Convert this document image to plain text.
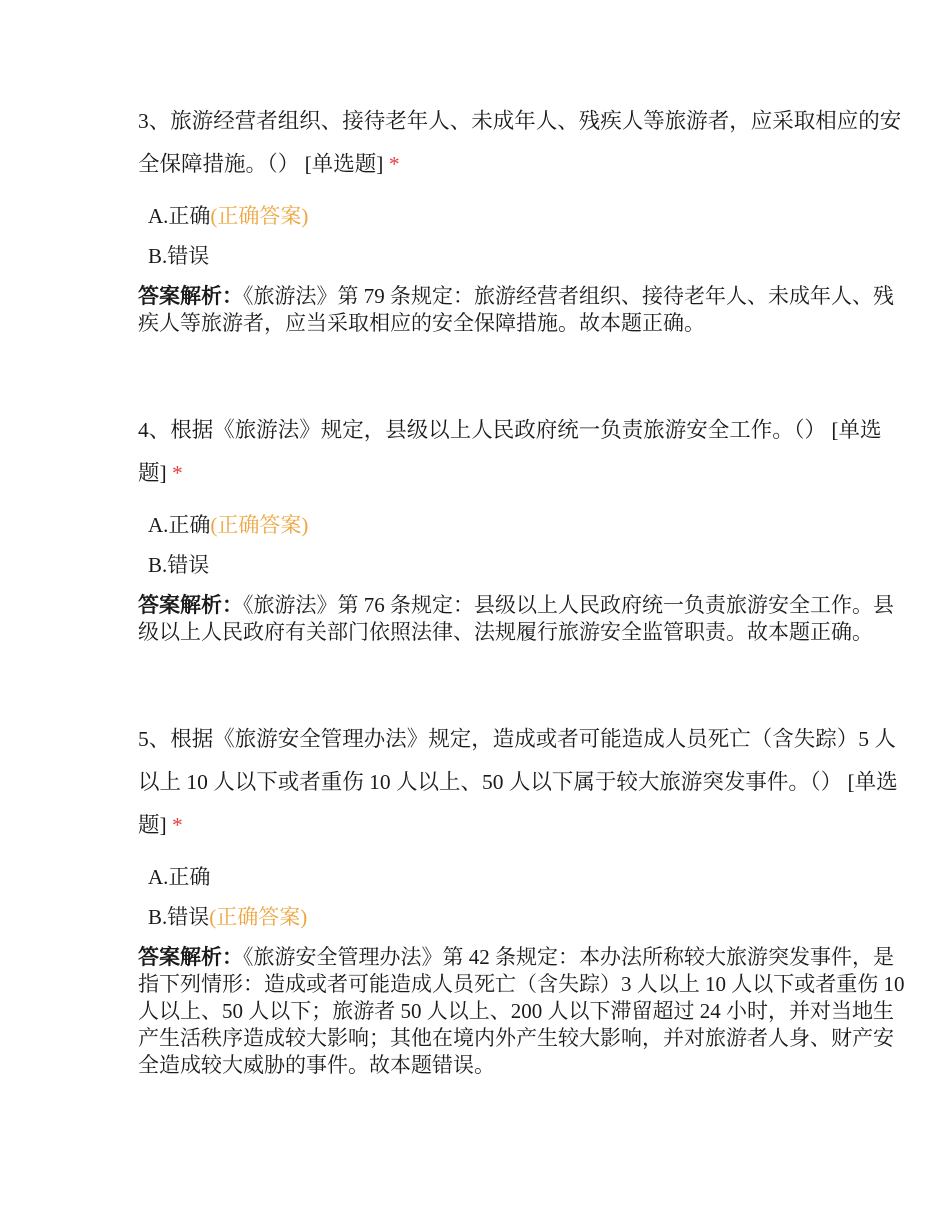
3、旅游经营者组织、接待老年人、未成年人、残疾人等旅游者，应采取相应的安全保障措施。（） [单选题] *

A.正确(正确答案)

B.错误

答案解析：《旅游法》第 79 条规定：旅游经营者组织、接待老年人、未成年人、残疾人等旅游者，应当采取相应的安全保障措施。故本题正确。

4、根据《旅游法》规定，县级以上人民政府统一负责旅游安全工作。（） [单选题] *

A.正确(正确答案)

B.错误

答案解析：《旅游法》第 76 条规定：县级以上人民政府统一负责旅游安全工作。县级以上人民政府有关部门依照法律、法规履行旅游安全监管职责。故本题正确。

5、根据《旅游安全管理办法》规定，造成或者可能造成人员死亡（含失踪）5 人以上 10 人以下或者重伤 10 人以上、50 人以下属于较大旅游突发事件。（） [单选题] *

A.正确

B.错误(正确答案)

答案解析：《旅游安全管理办法》第 42 条规定：本办法所称较大旅游突发事件，是指下列情形：造成或者可能造成人员死亡（含失踪）3 人以上 10 人以下或者重伤 10 人以上、50 人以下；旅游者 50 人以上、200 人以下滞留超过 24 小时，并对当地生产生活秩序造成较大影响；其他在境内外产生较大影响，并对旅游者人身、财产安全造成较大威胁的事件。故本题错误。
